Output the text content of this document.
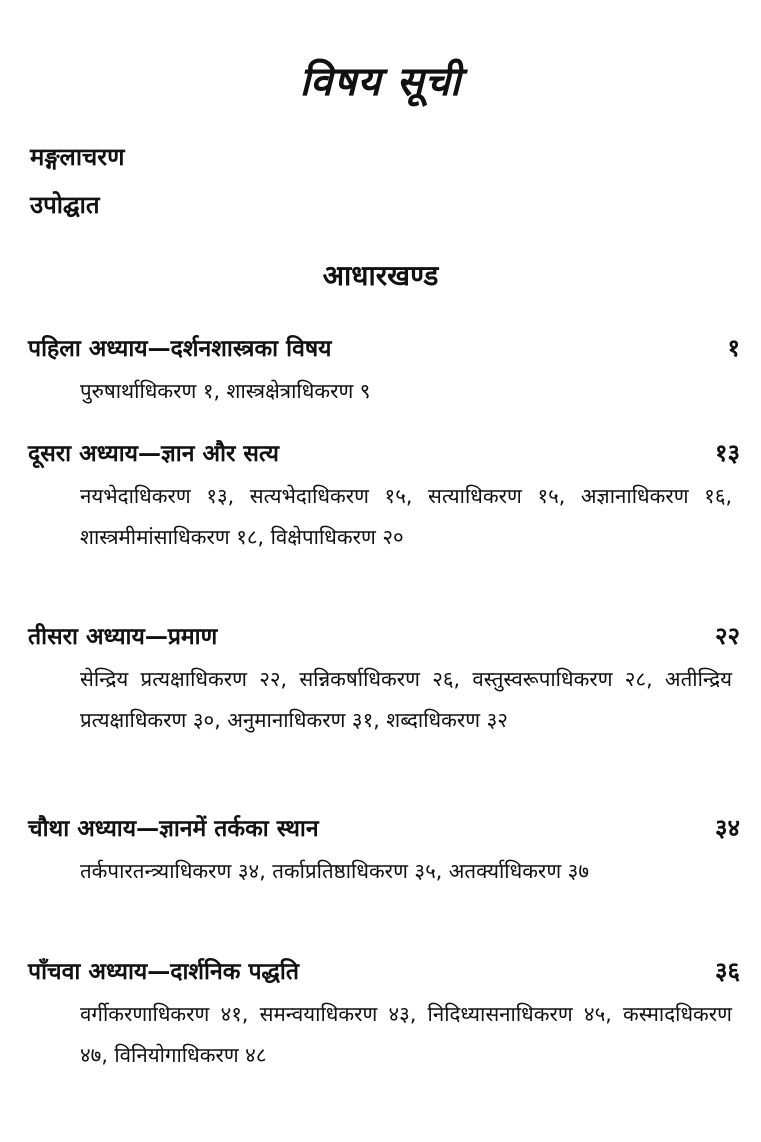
विषय सूची
मङ्गलाचरण
उपोद्घात
आधारखण्ड
पहिला अध्याय—दर्शनशास्त्रका विषय	१
पुरुषार्थाधिकरण १, शास्त्रक्षेत्राधिकरण ९
दूसरा अध्याय—ज्ञान और सत्य	१३
नयभेदाधिकरण १३, सत्यभेदाधिकरण १५, सत्याधिकरण १५, अज्ञानाधिकरण १६, शास्त्रमीमांसाधिकरण १८, विक्षेपाधिकरण २०
तीसरा अध्याय—प्रमाण	२२
सेन्द्रिय प्रत्यक्षाधिकरण २२, सन्निकर्षाधिकरण २६, वस्तुस्वरूपाधिकरण २८, अतीन्द्रिय प्रत्यक्षाधिकरण ३०, अनुमानाधिकरण ३१, शब्दाधिकरण ३२
चौथा अध्याय—ज्ञानमें तर्कका स्थान	३४
तर्कपारतन्त्र्याधिकरण ३४, तर्काप्रतिष्ठाधिकरण ३५, अतर्क्याधिकरण ३७
पाँचवा अध्याय—दार्शनिक पद्धति	३६
वर्गीकरणाधिकरण ४१, समन्वयाधिकरण ४३, निदिध्यासनाधिकरण ४५, कस्मादधिकरण ४७, विनियोगाधिकरण ४८
